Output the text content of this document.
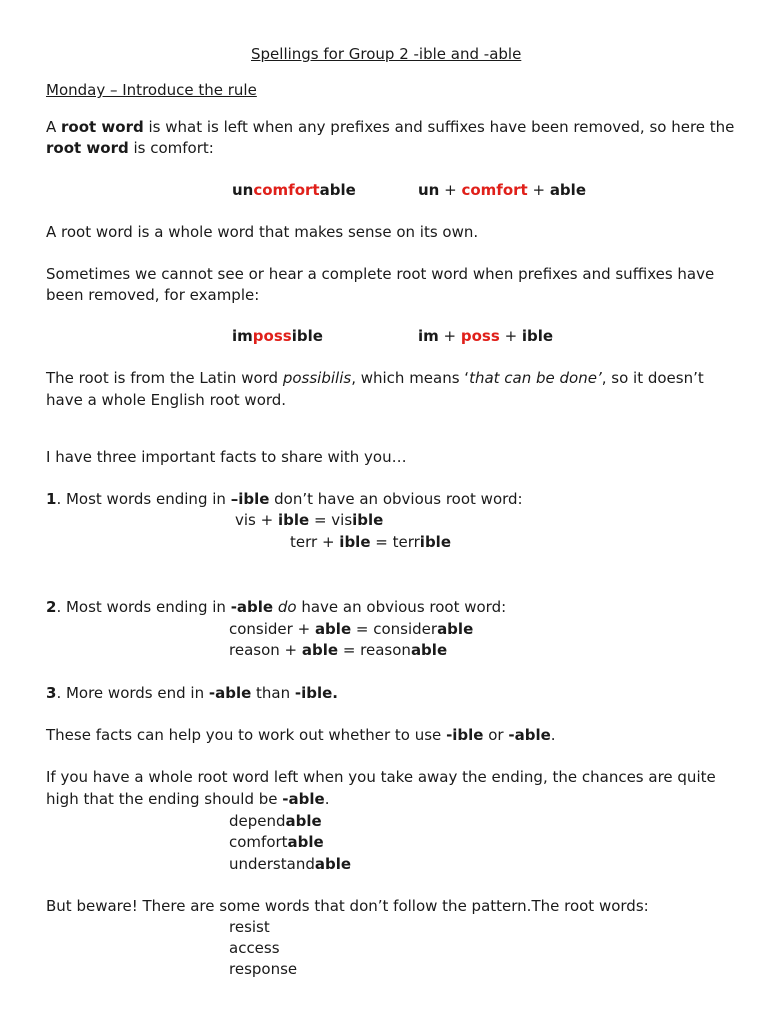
Spellings for Group 2 -ible and -able
Monday – Introduce the rule
A root word is what is left when any prefixes and suffixes have been removed, so here the
root word is comfort:
uncomfortable	un + comfort + able
A root word is a whole word that makes sense on its own.
Sometimes we cannot see or hear a complete root word when prefixes and suffixes have
been removed, for example:
impossible	im + poss + ible
The root is from the Latin word possibilis, which means ‘that can be done’, so it doesn’t
have a whole English root word.
I have three important facts to share with you…
1. Most words ending in –ible don’t have an obvious root word:
vis + ible = visible
terr + ible = terrible
2. Most words ending in -able do have an obvious root word:
consider + able = considerable
reason + able = reasonable
3. More words end in -able than -ible.
These facts can help you to work out whether to use -ible or -able.
If you have a whole root word left when you take away the ending, the chances are quite
high that the ending should be -able.
dependable
comfortable
understandable
But beware! There are some words that don’t follow the pattern.The root words:
resist
access
response
